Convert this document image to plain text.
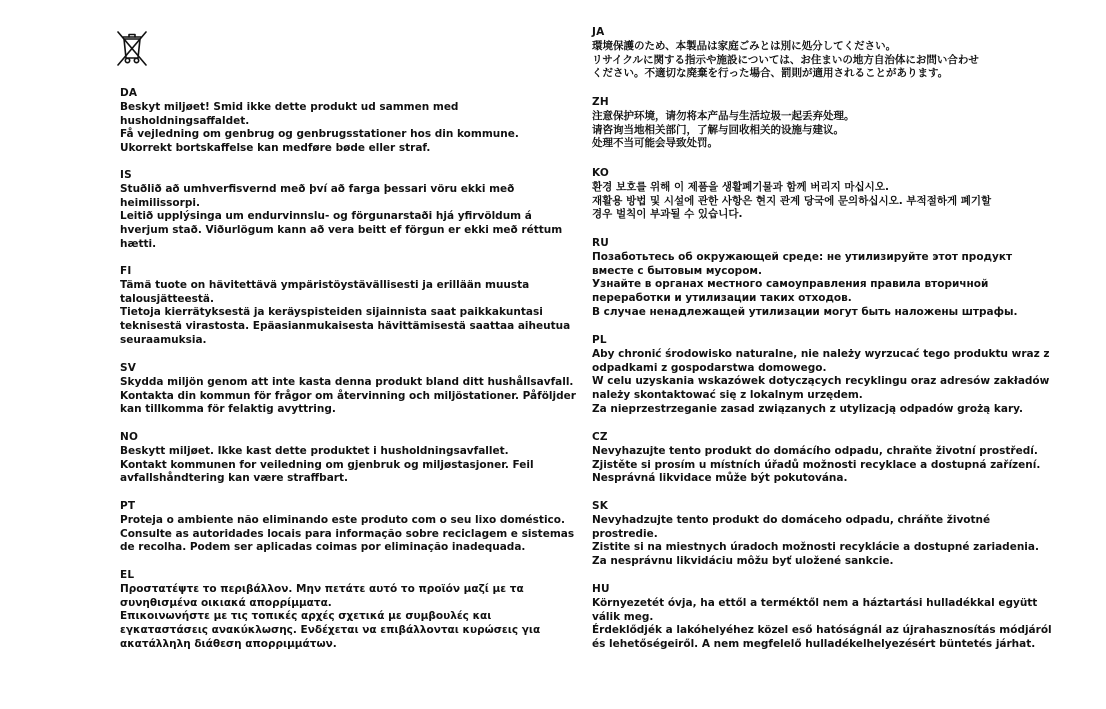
DA

Beskyt miljøet! Smid ikke dette produkt ud sammen med
husholdningsaffaldet.
Få vejledning om genbrug og genbrugsstationer hos din kommune.
Ukorrekt bortskaffelse kan medføre bøde eller straf.

IS

Stuðlið að umhverfisvernd með því að farga þessari vöru ekki með
heimilissorpi.
Leitið upplýsinga um endurvinnslu- og förgunarstaði hjá yfirvöldum á
hverjum stað. Viðurlögum kann að vera beitt ef förgun er ekki með réttum
hætti.

FI

Tämä tuote on hävitettävä ympäristöystävällisesti ja erillään muusta
talousjätteestä.
Tietoja kierrätyksestä ja keräyspisteiden sijainnista saat paikkakuntasi
teknisestä virastosta. Epäasianmukaisesta hävittämisestä saattaa aiheutua
seuraamuksia.

SV

Skydda miljön genom att inte kasta denna produkt bland ditt hushållsavfall.
Kontakta din kommun för frågor om återvinning och miljöstationer. Påföljder
kan tillkomma för felaktig avyttring.

NO

Beskytt miljøet. Ikke kast dette produktet i husholdningsavfallet.
Kontakt kommunen for veiledning om gjenbruk og miljøstasjoner. Feil
avfallshåndtering kan være straffbart.

PT

Proteja o ambiente não eliminando este produto com o seu lixo doméstico.
Consulte as autoridades locais para informação sobre reciclagem e sistemas
de recolha. Podem ser aplicadas coimas por eliminação inadequada.

EL

Προστατέψτε το περιβάλλον. Μην πετάτε αυτό το προϊόν μαζί με τα
συνηθισμένα οικιακά απορρίμματα.
Επικοινωνήστε με τις τοπικές αρχές σχετικά με συμβουλές και
εγκαταστάσεις ανακύκλωσης. Ενδέχεται να επιβάλλονται κυρώσεις για
ακατάλληλη διάθεση απορριμμάτων.

JA

環境保護のため、本製品は家庭ごみとは別に処分してください。
リサイクルに関する指示や施設については、お住まいの地方自治体にお問い合わせ
ください。不適切な廃棄を行った場合、罰則が適用されることがあります。

ZH

注意保护环境，请勿将本产品与生活垃圾一起丢弃处理。
请咨询当地相关部门，了解与回收相关的设施与建议。
处理不当可能会导致处罚。

KO

환경 보호를 위해 이 제품을 생활폐기물과 함께 버리지 마십시오.
재활용 방법 및 시설에 관한 사항은 현지 관계 당국에 문의하십시오. 부적절하게 폐기할
경우 벌칙이 부과될 수 있습니다.

RU

Позаботьтесь об окружающей среде: не утилизируйте этот продукт
вместе с бытовым мусором.
Узнайте в органах местного самоуправления правила вторичной
переработки и утилизации таких отходов.
В случае ненадлежащей утилизации могут быть наложены штрафы.

PL

Aby chronić środowisko naturalne, nie należy wyrzucać tego produktu wraz z
odpadkami z gospodarstwa domowego.
W celu uzyskania wskazówek dotyczących recyklingu oraz adresów zakładów
należy skontaktować się z lokalnym urzędem.
Za nieprzestrzeganie zasad związanych z utylizacją odpadów grożą kary.

CZ

Nevyhazujte tento produkt do domácího odpadu, chraňte životní prostředí.
Zjistěte si prosím u místních úřadů možnosti recyklace a dostupná zařízení.
Nesprávná likvidace může být pokutována.

SK

Nevyhadzujte tento produkt do domáceho odpadu, chráňte životné
prostredie.
Zistite si na miestnych úradoch možnosti recyklácie a dostupné zariadenia.
Za nesprávnu likvidáciu môžu byť uložené sankcie.

HU

Környezetét óvja, ha ettől a terméktől nem a háztartási hulladékkal együtt
válik meg.
Érdeklődjék a lakóhelyéhez közel eső hatóságnál az újrahasznosítás módjáról
és lehetőségeiről. A nem megfelelő hulladékelhelyezésért büntetés járhat.
